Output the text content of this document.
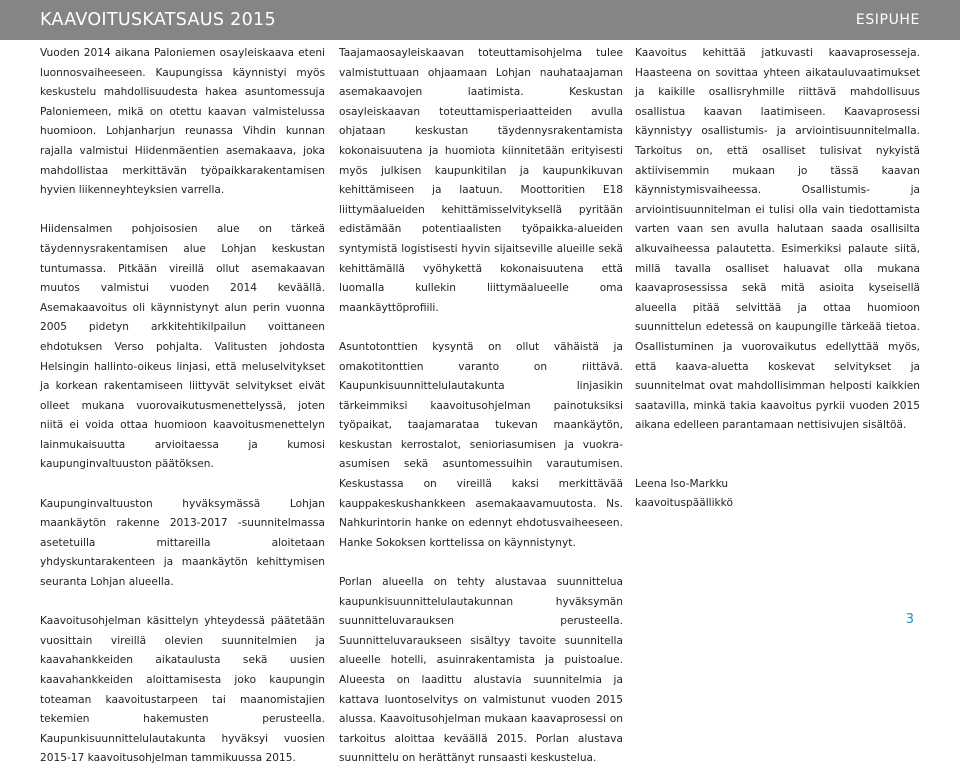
KAAVOITUSKATSAUS 2015	ESIPUHE

Vuoden 2014 aikana Paloniemen osayleiskaava eteni luonnosvaiheeseen. Kaupungissa käynnistyi myös keskustelu mahdollisuudesta hakea asuntomessuja Paloniemeen, mikä on otettu kaavan valmistelussa huomioon. Lohjanharjun reunassa Vihdin kunnan rajalla valmistui Hiidenmäentien asemakaava, joka mahdollistaa merkittävän työpaikkarakentamisen hyvien liikenneyhteyksien varrella.

Hiidensalmen pohjoisosien alue on tärkeä täydennysrakentamisen alue Lohjan keskustan tuntumassa. Pitkään vireillä ollut asemakaavan muutos valmistui vuoden 2014 keväällä. Asemakaavoitus oli käynnistynyt alun perin vuonna 2005 pidetyn arkkitehtikilpailun voittaneen ehdotuksen Verso pohjalta. Valitusten johdosta Helsingin hallinto-oikeus linjasi, että meluselvitykset ja korkean rakentamiseen liittyvät selvitykset eivät olleet mukana vuorovaikutusmenettelyssä, joten niitä ei voida ottaa huomioon kaavoitusmenettelyn lainmukaisuutta arvioitaessa ja kumosi kaupunginvaltuuston päätöksen.

Kaupunginvaltuuston hyväksymässä Lohjan maankäytön rakenne 2013-2017 -suunnitelmassa asetetuilla mittareilla aloitetaan yhdyskuntarakenteen ja maankäytön kehittymisen seuranta Lohjan alueella.

Kaavoitusohjelman käsittelyn yhteydessä päätetään vuosittain vireillä olevien suunnitelmien ja kaavahankkeiden aikataulusta sekä uusien kaavahankkeiden aloittamisesta joko kaupungin toteaman kaavoitustarpeen tai maanomistajien tekemien hakemusten perusteella. Kaupunkisuunnittelulautakunta hyväksyi vuosien 2015-17 kaavoitusohjelman tammikuussa 2015.

Taajamaosayleiskaavan toteuttamisohjelma tulee valmistuttuaan ohjaamaan Lohjan nauhataajaman asemakaavojen laatimista. Keskustan osayleiskaavan toteuttamisperiaatteiden avulla ohjataan keskustan täydennysrakentamista kokonaisuutena ja huomiota kiinnitetään erityisesti myös julkisen kaupunkitilan ja kaupunkikuvan kehittämiseen ja laatuun. Moottoritien E18 liittymäalueiden kehittämisselvityksellä pyritään edistämään potentiaalisten työpaikka-alueiden syntymistä logistisesti hyvin sijaitseville alueille sekä kehittämällä vyöhykettä kokonaisuutena että luomalla kullekin liittymäalueelle oma maankäyttöprofiili.

Asuntotonttien kysyntä on ollut vähäistä ja omakotitonttien varanto on riittävä. Kaupunkisuunnittelulautakunta linjasikin tärkeimmiksi kaavoitusohjelman painotuksiksi työpaikat, taajamarataa tukevan maankäytön, keskustan kerrostalot, senioriasumisen ja vuokra-asumisen sekä asuntomessuihin varautumisen. Keskustassa on vireillä kaksi merkittävää kauppakeskushankkeen asemakaavamuutosta. Ns. Nahkurintorin hanke on edennyt ehdotusvaiheeseen. Hanke Sokoksen korttelissa on käynnistynyt.

Porlan alueella on tehty alustavaa suunnittelua kaupunkisuunnittelulautakunnan hyväksymän suunnitteluvarauksen perusteella. Suunnitteluvaraukseen sisältyy tavoite suunnitella alueelle hotelli, asuinrakentamista ja puistoalue. Alueesta on laadittu alustavia suunnitelmia ja kattava luontoselvitys on valmistunut vuoden 2015 alussa. Kaavoitusohjelman mukaan kaavaprosessi on tarkoitus aloittaa keväällä 2015. Porlan alustava suunnittelu on herättänyt runsaasti keskustelua.

Kaavoitus kehittää jatkuvasti kaavaprosesseja. Haasteena on sovittaa yhteen aikatauluvaatimukset ja kaikille osallisryhmille riittävä mahdollisuus osallistua kaavan laatimiseen. Kaavaprosessi käynnistyy osallistumis- ja arviointisuunnitelmalla. Tarkoitus on, että osalliset tulisivat nykyistä aktiivisemmin mukaan jo tässä kaavan käynnistymisvaiheessa. Osallistumis- ja arviointisuunnitelman ei tulisi olla vain tiedottamista varten vaan sen avulla halutaan saada osallisilta alkuvaiheessa palautetta. Esimerkiksi palaute siitä, millä tavalla osalliset haluavat olla mukana kaavaprosessissa sekä mitä asioita kyseisellä alueella pitää selvittää ja ottaa huomioon suunnittelun edetessä on kaupungille tärkeää tietoa. Osallistuminen ja vuorovaikutus edellyttää myös, että kaava-aluetta koskevat selvitykset ja suunnitelmat ovat mahdollisimman helposti kaikkien saatavilla, minkä takia kaavoitus pyrkii vuoden 2015 aikana edelleen parantamaan nettisivujen sisältöä.

Leena Iso-Markku
kaavoituspäällikkö

3
